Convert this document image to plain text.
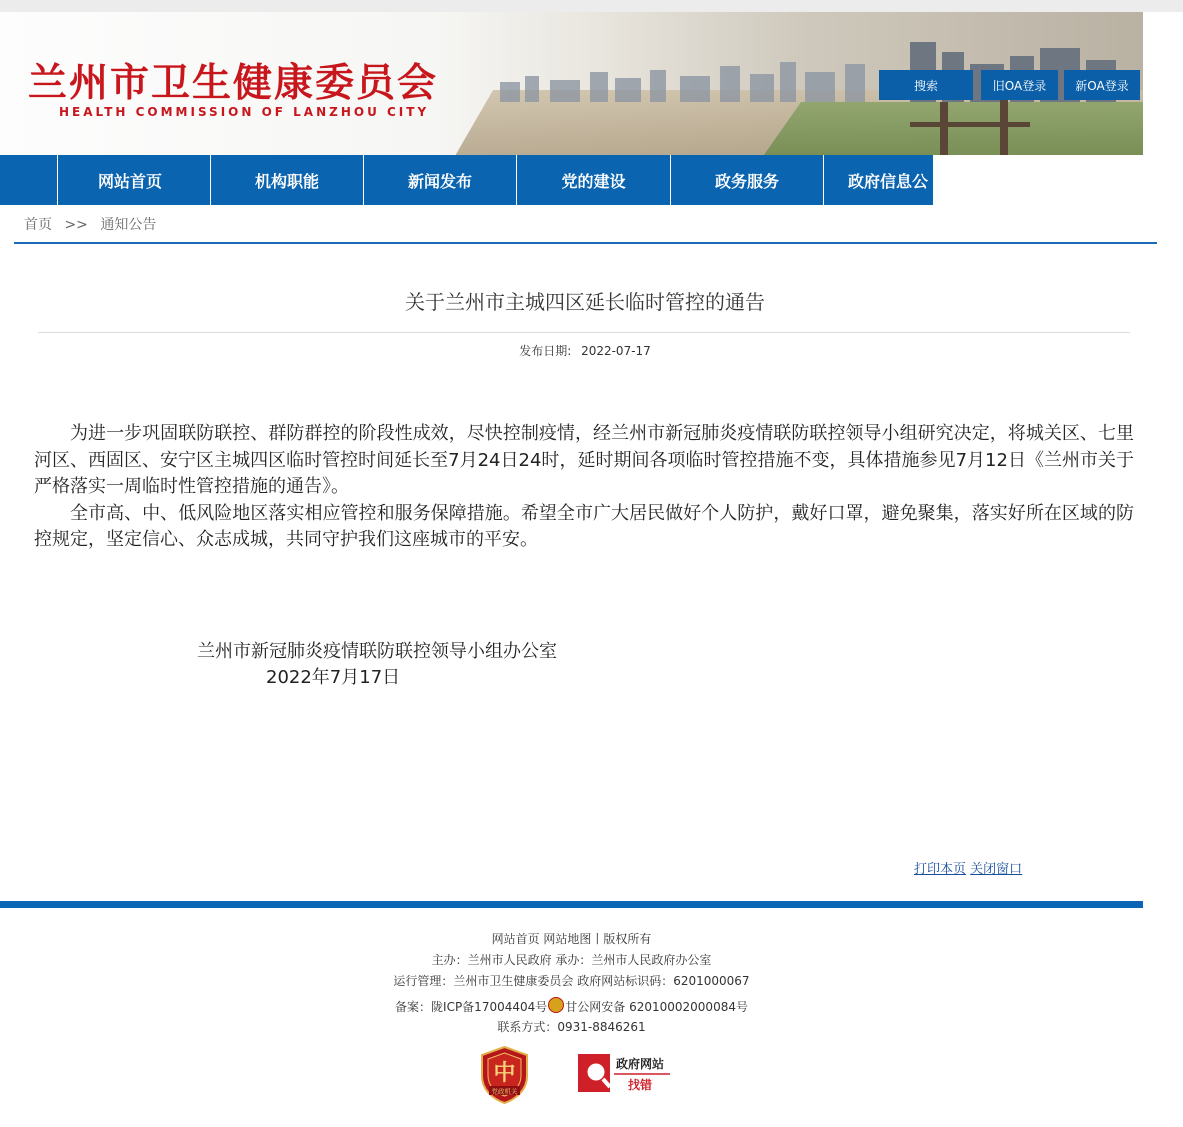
兰州市卫生健康委员会
HEALTH COMMISSION OF LANZHOU CITY
搜索	旧OA登录	新OA登录
网站首页	机构职能	新闻发布	党的建设	政务服务	政府信息公
首页 >> 通知公告
关于兰州市主城四区延长临时管控的通告
发布日期: 2022-07-17

为进一步巩固联防联控、群防群控的阶段性成效，尽快控制疫情，经兰州市新冠肺炎疫情联防联控领导小组研究决定，将城关区、七里河区、西固区、安宁区主城四区临时管控时间延长至7月24日24时，延时期间各项临时管控措施不变，具体措施参见7月12日《兰州市关于严格落实一周临时性管控措施的通告》。

全市高、中、低风险地区落实相应管控和服务保障措施。希望全市广大居民做好个人防护，戴好口罩，避免聚集，落实好所在区域的防控规定，坚定信心、众志成城，共同守护我们这座城市的平安。

兰州市新冠肺炎疫情联防联控领导小组办公室
2022年7月17日
打印本页 关闭窗口
网站首页 网站地图丨版权所有
主办：兰州市人民政府 承办：兰州市人民政府办公室
运行管理：兰州市卫生健康委员会 政府网站标识码：6201000067
备案：陇ICP备17004404号 甘公网安备 62010002000084号
联系方式：0931-8846261
中
党政机关
政府网站
找错
